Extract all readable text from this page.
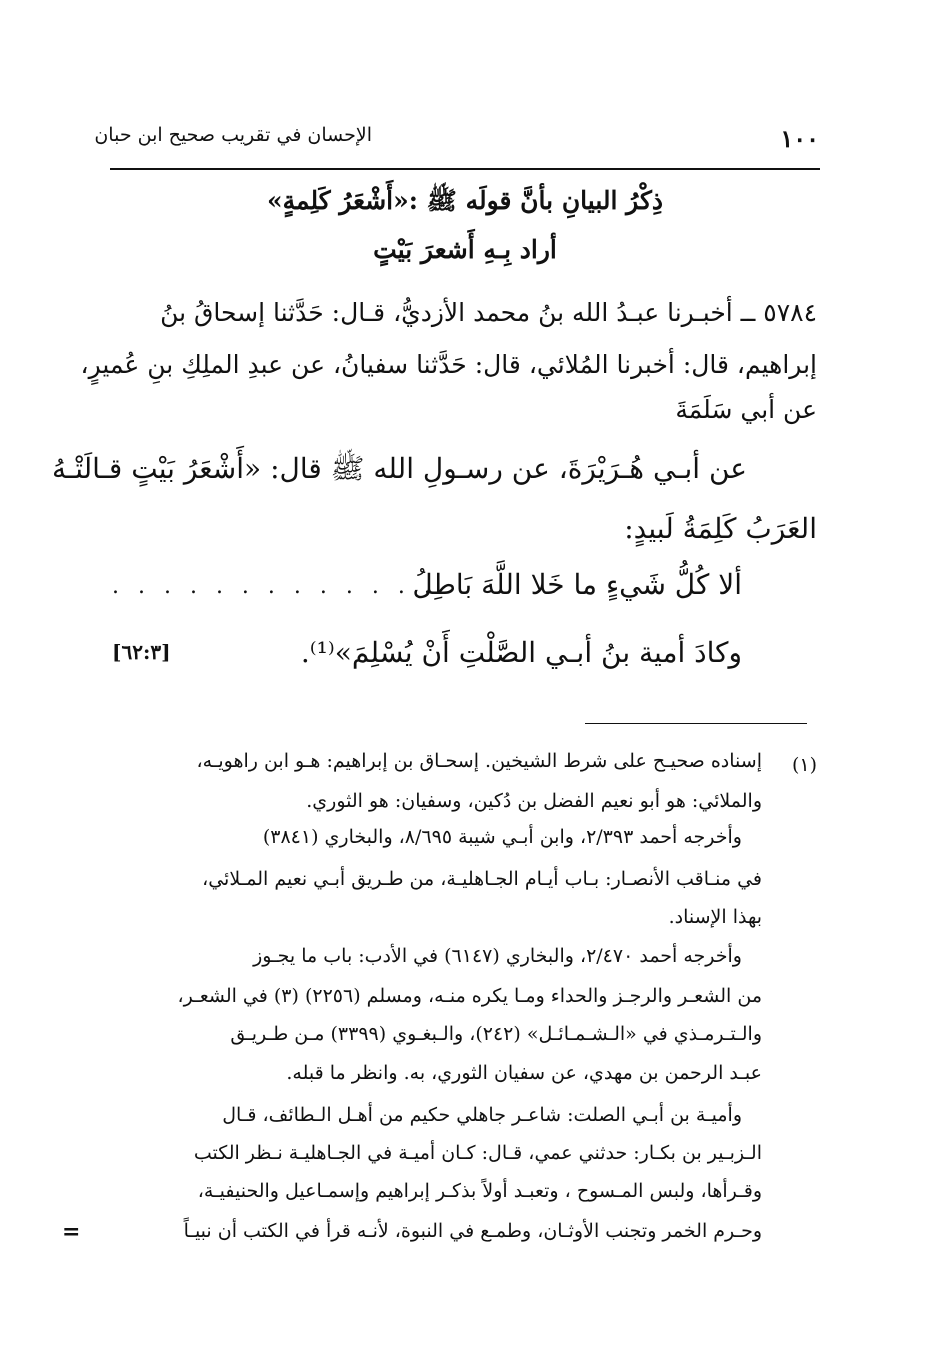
الإحسان في تقريب صحيح ابن حبان	١٠٠
ذِكْرُ البيانِ بأنَّ قولَه ﷺ :«أَشْعَرُ كَلِمةٍ»
أراد بِـهِ أَشعرَ بَيْتٍ
٥٧٨٤ ــ أخبـرنا عبـدُ الله بنُ محمد الأزديُّ، قـال: حَدَّثنا إسحاقُ بنُ
إبراهيم، قال: أخبرنا المُلائي، قال: حَدَّثنا سفيانُ، عن عبدِ الملِكِ بنِ عُميرٍ،
عن أبي سَلَمَةَ
عن أبـي هُـرَيْرَةَ، عن رسـولِ الله ﷺ قال: «أَشْعَرُ بَيْتٍ قـالَتْـهُ
العَرَبُ كَلِمَةُ لَبيدٍ:
ألا كُلُّ شَيءٍ ما خَلا اللَّهَ بَاطِلُ
. . . . . . . . . . . . .
وكادَ أمية بنُ أبـي الصَّلْتِ أَنْ يُسْلِمَ»⁽¹⁾.
[٦٢:٣]
(١)
إسناده صحيـح على شرط الشيخين. إسحـاق بن إبراهيم: هـو ابن راهويـه،
والملائي: هو أبو نعيم الفضل بن دُكين، وسفيان: هو الثوري.
وأخرجه أحمد ٢/٣٩٣، وابن أبـي شيبة ٨/٦٩٥، والبخاري (٣٨٤١)
في منـاقب الأنصـار: بـاب أيـام الجـاهليـة، من طـريق أبـي نعيم المـلائي،
بهذا الإسناد.
وأخرجه أحمد ٢/٤٧٠، والبخاري (٦١٤٧) في الأدب: باب ما يجـوز
من الشعـر والرجـز والحداء ومـا يكره منـه، ومسلم (٢٢٥٦) (٣) في الشعـر،
والـتـرمـذي في «الـشـمـائـل» (٢٤٢)، والـبغـوي (٣٣٩٩) مـن طـريـق
عبـد الرحمن بن مهدي، عن سفيان الثوري، به. وانظر ما قبله.
وأميـة بن أبـي الصلت: شاعـر جاهلي حكيم من أهـل الـطائف، قـال
الـزبـير بن بكـار: حدثني عمي، قـال: كـان أميـة في الجـاهليـة نـظر الكتب
وقـرأها، ولبس المـسوح ، وتعبـد أولاً بذكـر إبراهيم وإسمـاعيل والحنيفيـة،
وحـرم الخمر وتجنب الأوثـان، وطمـع في النبوة، لأنـه قرأ في الكتب أن نبيـاً
=
